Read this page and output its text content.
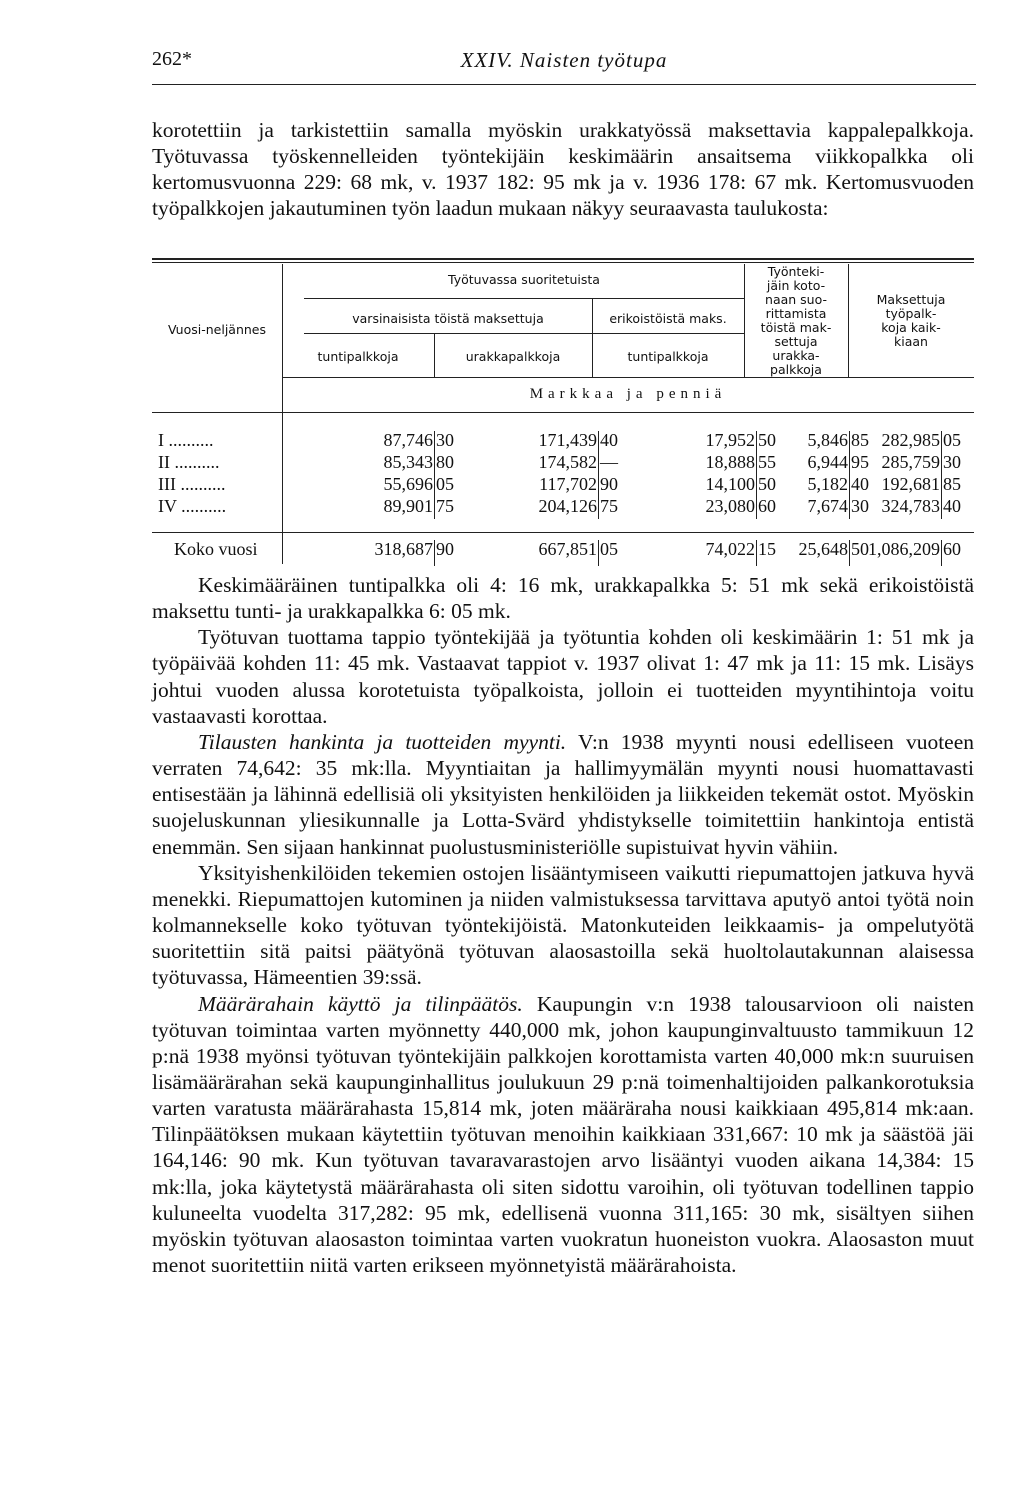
262*	XXIV. Naisten työtupa

korotettiin ja tarkistettiin samalla myöskin urakkatyössä maksettavia kappalepalkkoja. Työtuvassa työskennelleiden työntekijäin keskimäärin ansaitsema viikkopalkka oli kertomusvuonna 229: 68 mk, v. 1937 182: 95 mk ja v. 1936 178: 67 mk. Kertomusvuoden työpalkkojen jakautuminen työn laadun mukaan näkyy seuraavasta taulukosta:

Vuosi-neljännes
Työtuvassa suoritetuista
varsinaisista töistä maksettuja	erikoistöistä maks.
tuntipalkkoja	urakkapalkkoja	tuntipalkkoja
Työnteki-
jäin koto-
naan suo-
rittamista
töistä mak-
settuja
urakka-
palkkoja
Maksettuja
työpalk-
koja kaik-
kiaan
Markkaa ja penniä
I ..........	87,746 30	171,439 40	17,952 50	5,846 85 282,985 05
II ..........	85,343 80	174,582 —	18,888 55	6,944 95 285,759 30
III ..........	55,696 05	117,702 90	14,100 50	5,182 40 192,681 85
IV ..........	89,901 75	204,126 75	23,080 60	7,674 30 324,783 40
Koko vuosi	318,687 90	667,851 05	74,022 15	25,648 50 1,086,209 60

Keskimääräinen tuntipalkka oli 4: 16 mk, urakkapalkka 5: 51 mk sekä erikoistöistä maksettu tunti- ja urakkapalkka 6: 05 mk.

Työtuvan tuottama tappio työntekijää ja työtuntia kohden oli keskimäärin 1: 51 mk ja työpäivää kohden 11: 45 mk. Vastaavat tappiot v. 1937 olivat 1: 47 mk ja 11: 15 mk. Lisäys johtui vuoden alussa korotetuista työpalkoista, jolloin ei tuotteiden myyntihintoja voitu vastaavasti korottaa.

Tilausten hankinta ja tuotteiden myynti. V:n 1938 myynti nousi edelliseen vuoteen verraten 74,642: 35 mk:lla. Myyntiaitan ja hallimyymälän myynti nousi huomattavasti entisestään ja lähinnä edellisiä oli yksityisten henkilöiden ja liikkeiden tekemät ostot. Myöskin suojeluskunnan yliesikunnalle ja Lotta-Svärd yhdistykselle toimitettiin hankintoja entistä enemmän. Sen sijaan hankinnat puolustusministeriölle supistuivat hyvin vähiin.

Yksityishenkilöiden tekemien ostojen lisääntymiseen vaikutti riepumattojen jatkuva hyvä menekki. Riepumattojen kutominen ja niiden valmistuksessa tarvittava aputyö antoi työtä noin kolmannekselle koko työtuvan työntekijöistä. Matonkuteiden leikkaamis- ja ompelutyötä suoritettiin sitä paitsi päätyönä työtuvan alaosastoilla sekä huoltolautakunnan alaisessa työtuvassa, Hämeentien 39:ssä.

Määrärahain käyttö ja tilinpäätös. Kaupungin v:n 1938 talousarvioon oli naisten työtuvan toimintaa varten myönnetty 440,000 mk, johon kaupunginvaltuusto tammikuun 12 p:nä 1938 myönsi työtuvan työntekijäin palkkojen korottamista varten 40,000 mk:n suuruisen lisämäärärahan sekä kaupunginhallitus joulukuun 29 p:nä toimenhaltijoiden palkankorotuksia varten varatusta määrärahasta 15,814 mk, joten määräraha nousi kaikkiaan 495,814 mk:aan. Tilinpäätöksen mukaan käytettiin työtuvan menoihin kaikkiaan 331,667: 10 mk ja säästöä jäi 164,146: 90 mk. Kun työtuvan tavaravarastojen arvo lisääntyi vuoden aikana 14,384: 15 mk:lla, joka käytetystä määrärahasta oli siten sidottu varoihin, oli työtuvan todellinen tappio kuluneelta vuodelta 317,282: 95 mk, edellisenä vuonna 311,165: 30 mk, sisältyen siihen myöskin työtuvan alaosaston toimintaa varten vuokratun huoneiston vuokra. Alaosaston muut menot suoritettiin niitä varten erikseen myönnetyistä määrärahoista.
